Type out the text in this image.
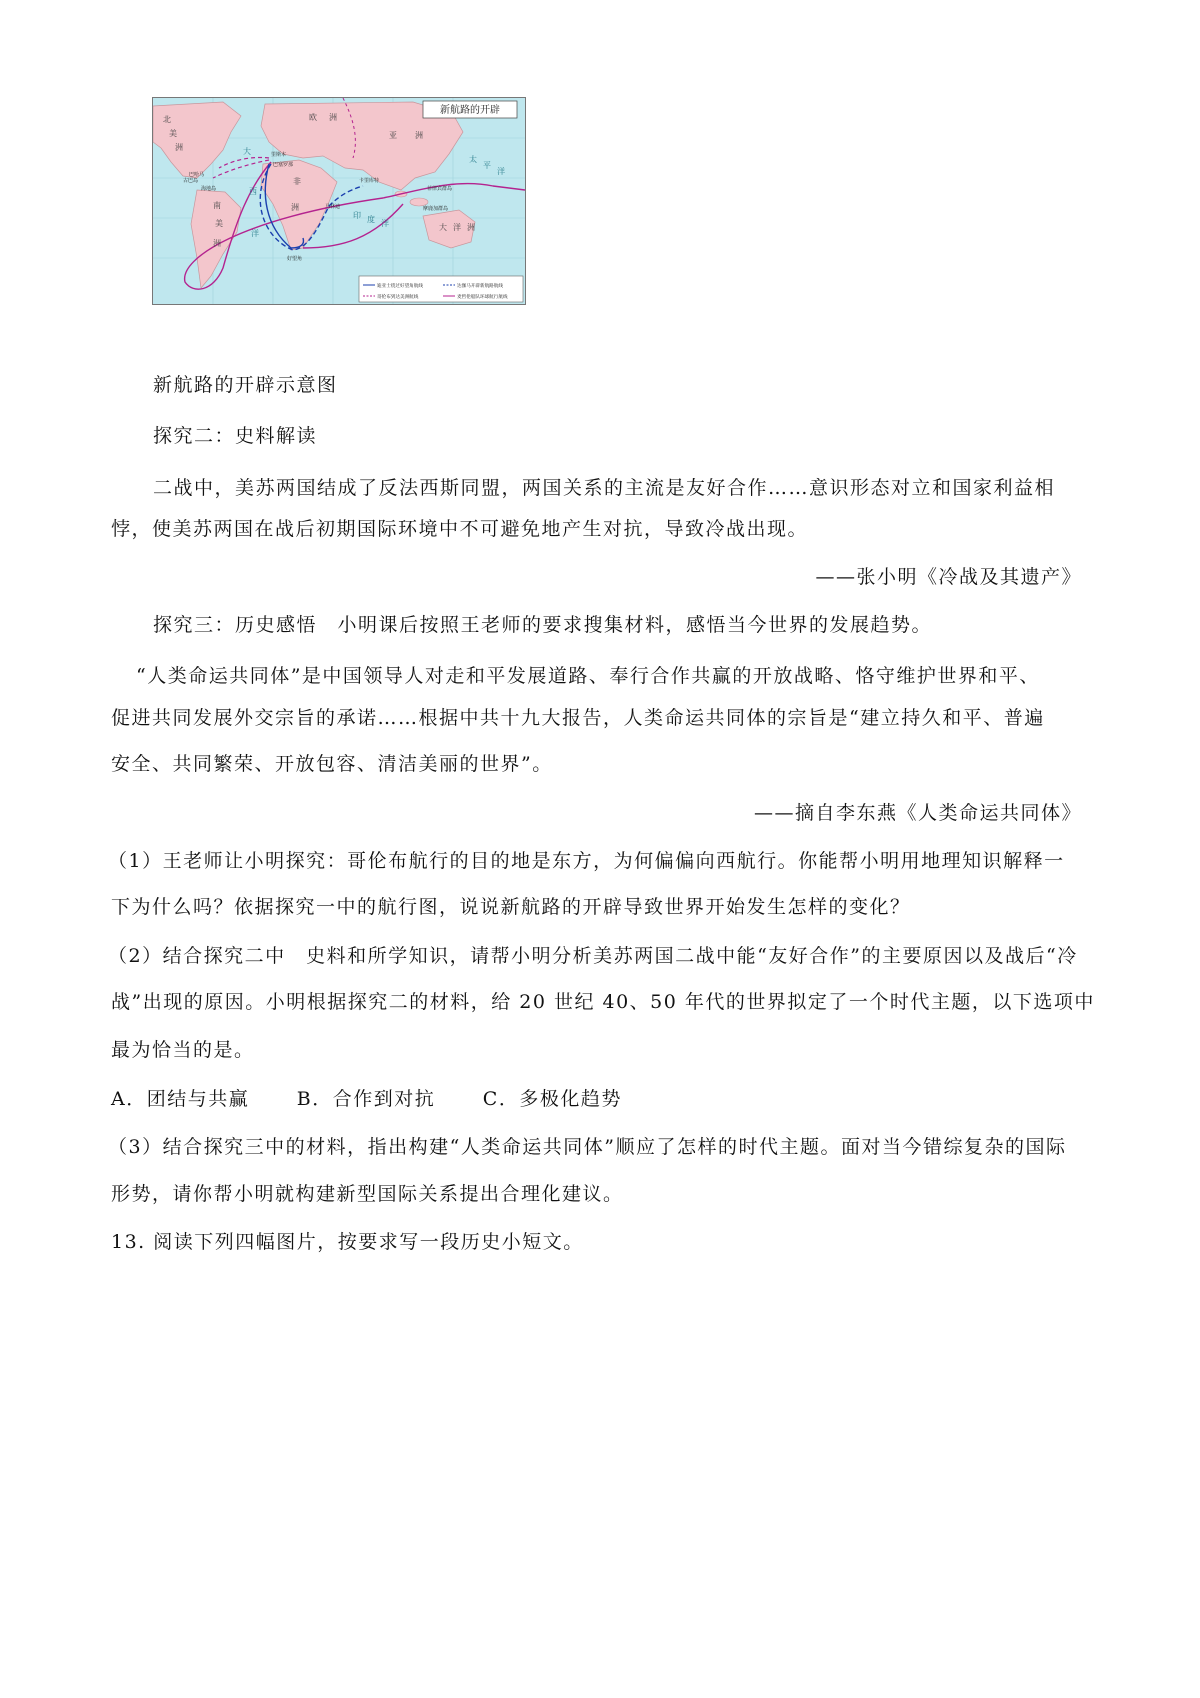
新航路的开辟
北
美
洲
欧 洲
亚 洲
非
洲
南
美
洲
大 洋 洲
太
平
洋
大
西
洋
印 度 洋
里斯本
巴塞罗那
巴哈马
古巴岛
海地岛
卡里库特
马林迪
好望角
菲律宾群岛
摩鹿加群岛
迪亚士绕过好望角航线	达伽马开辟新航路航线
哥伦布到达美洲航线	麦哲伦船队环球航行航线
新航路的开辟示意图
探究二：史料解读
二战中，美苏两国结成了反法西斯同盟，两国关系的主流是友好合作……意识形态对立和国家利益相
悖，使美苏两国在战后初期国际环境中不可避免地产生对抗，导致冷战出现。
——张小明《冷战及其遗产》
探究三：历史感悟　小明课后按照王老师的要求搜集材料，感悟当今世界的发展趋势。
“人类命运共同体”是中国领导人对走和平发展道路、奉行合作共赢的开放战略、恪守维护世界和平、
促进共同发展外交宗旨的承诺……根据中共十九大报告，人类命运共同体的宗旨是“建立持久和平、普遍
安全、共同繁荣、开放包容、清洁美丽的世界”。
——摘自李东燕《人类命运共同体》
（1）王老师让小明探究：哥伦布航行的目的地是东方，为何偏偏向西航行。你能帮小明用地理知识解释一
下为什么吗？依据探究一中的航行图，说说新航路的开辟导致世界开始发生怎样的变化？
（2）结合探究二中　史料和所学知识，请帮小明分析美苏两国二战中能“友好合作”的主要原因以及战后“冷
战”出现的原因。小明根据探究二的材料，给 20 世纪 40、50 年代的世界拟定了一个时代主题，以下选项中
最为恰当的是。
A．团结与共赢	B．合作到对抗	C．多极化趋势
（3）结合探究三中的材料，指出构建“人类命运共同体”顺应了怎样的时代主题。面对当今错综复杂的国际
形势，请你帮小明就构建新型国际关系提出合理化建议。
13. 阅读下列四幅图片，按要求写一段历史小短文。
